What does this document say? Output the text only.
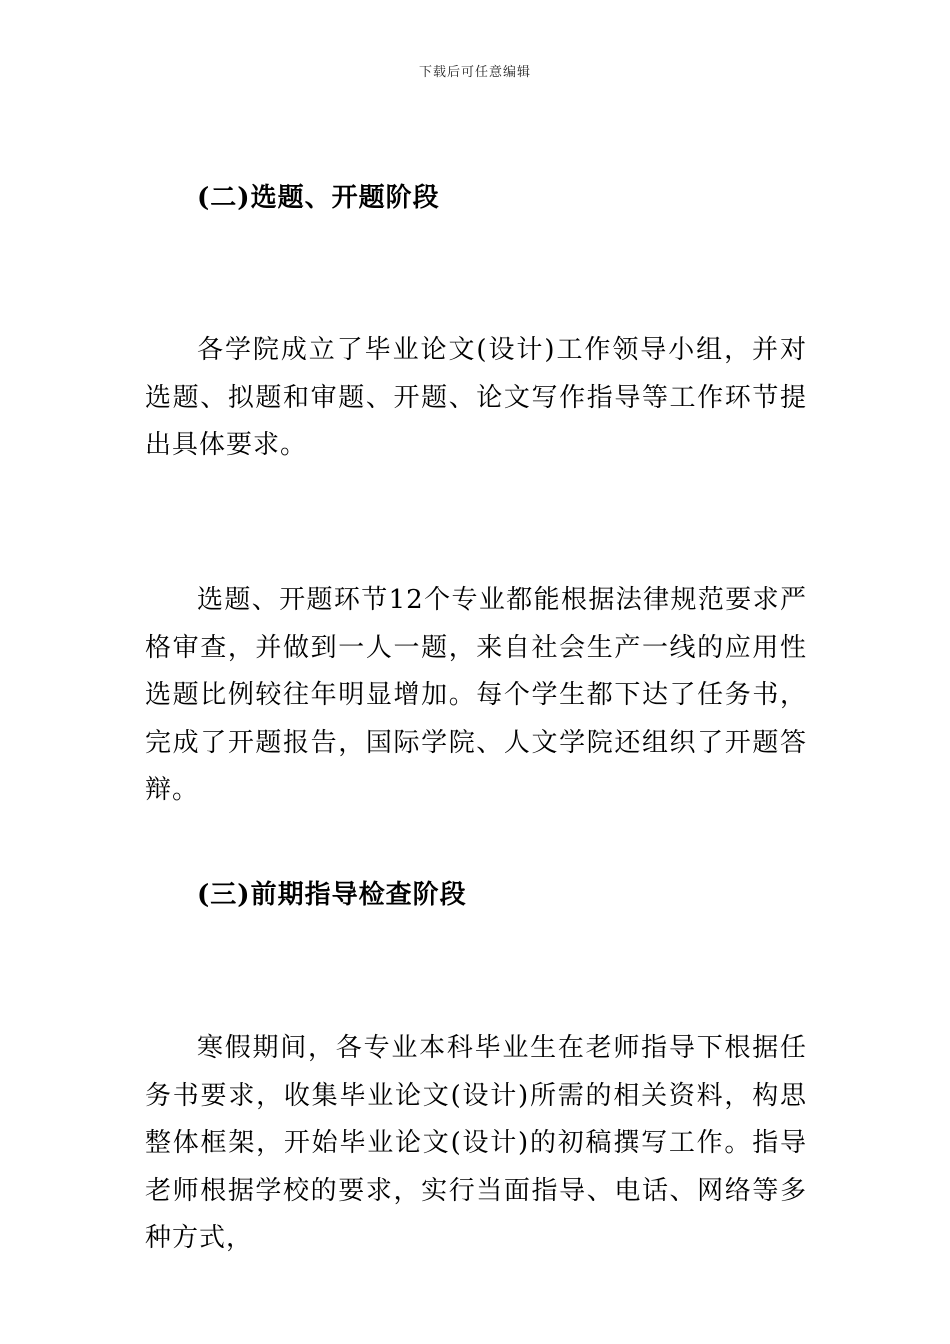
下载后可任意编辑
(二)选题、开题阶段

各学院成立了毕业论文(设计)工作领导小组，并对选题、拟题和审题、开题、论文写作指导等工作环节提出具体要求。

选题、开题环节12个专业都能根据法律规范要求严格审查，并做到一人一题，来自社会生产一线的应用性选题比例较往年明显增加。每个学生都下达了任务书，完成了开题报告，国际学院、人文学院还组织了开题答辩。

(三)前期指导检查阶段

寒假期间，各专业本科毕业生在老师指导下根据任务书要求，收集毕业论文(设计)所需的相关资料，构思整体框架，开始毕业论文(设计)的初稿撰写工作。指导老师根据学校的要求，实行当面指导、电话、网络等多种方式，
